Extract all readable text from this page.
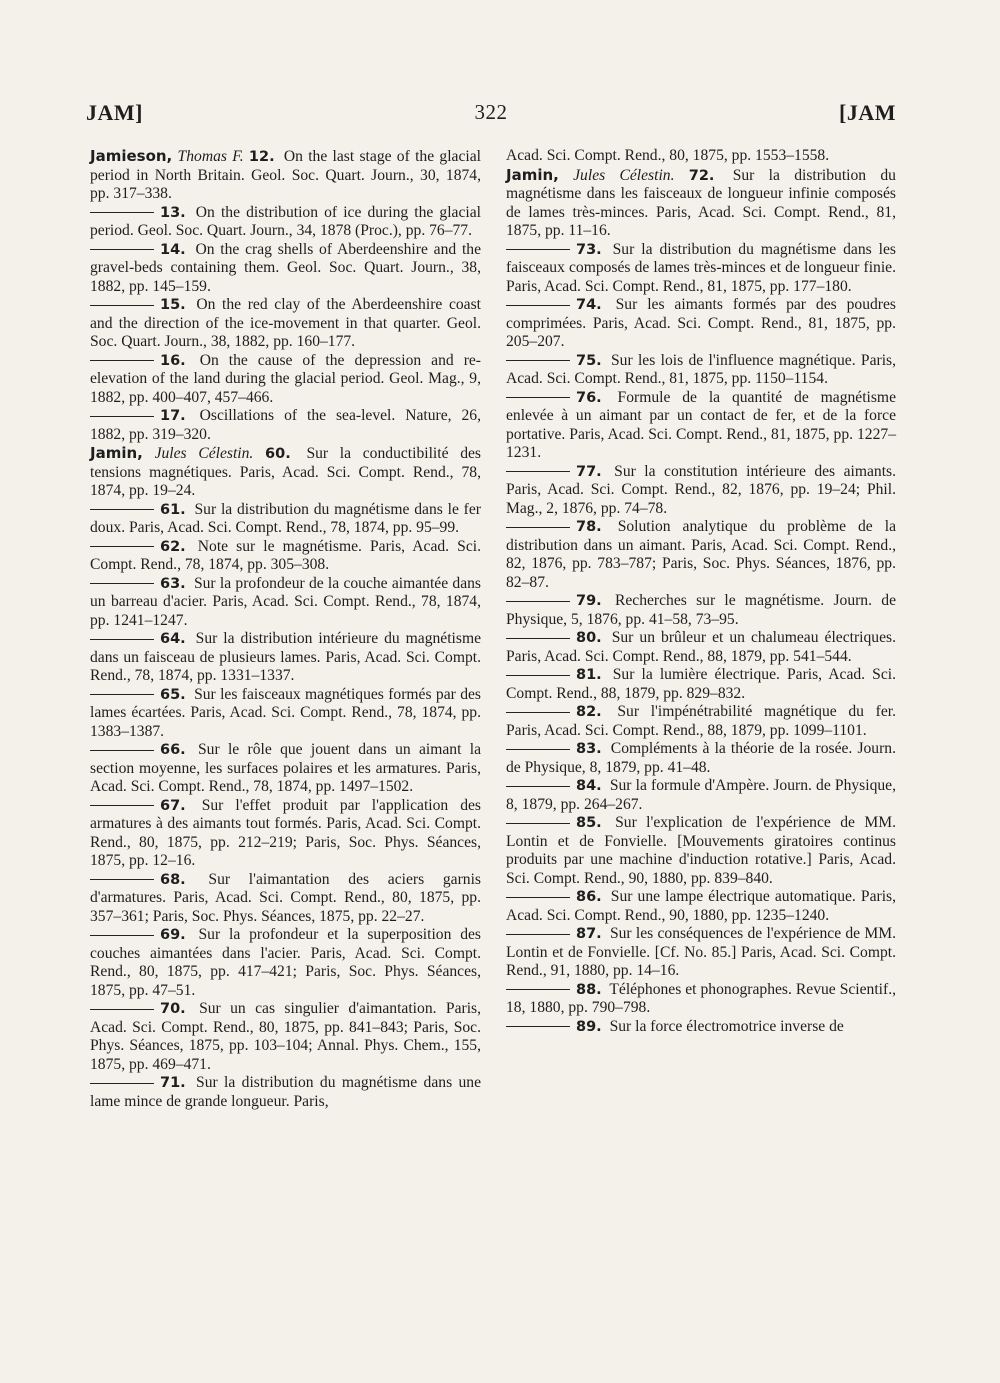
JAM]	322	[JAM

Jamieson, Thomas F. 12. On the last stage of the glacial period in North Britain. Geol. Soc. Quart. Journ., 30, 1874, pp. 317–338.

13. On the distribution of ice during the glacial period. Geol. Soc. Quart. Journ., 34, 1878 (Proc.), pp. 76–77.

14. On the crag shells of Aberdeenshire and the gravel-beds containing them. Geol. Soc. Quart. Journ., 38, 1882, pp. 145–159.

15. On the red clay of the Aberdeenshire coast and the direction of the ice-movement in that quarter. Geol. Soc. Quart. Journ., 38, 1882, pp. 160–177.

16. On the cause of the depression and re-elevation of the land during the glacial period. Geol. Mag., 9, 1882, pp. 400–407, 457–466.

17. Oscillations of the sea-level. Nature, 26, 1882, pp. 319–320.

Jamin, Jules Célestin. 60. Sur la conductibilité des tensions magnétiques. Paris, Acad. Sci. Compt. Rend., 78, 1874, pp. 19–24.

61. Sur la distribution du magnétisme dans le fer doux. Paris, Acad. Sci. Compt. Rend., 78, 1874, pp. 95–99.

62. Note sur le magnétisme. Paris, Acad. Sci. Compt. Rend., 78, 1874, pp. 305–308.

63. Sur la profondeur de la couche aimantée dans un barreau d'acier. Paris, Acad. Sci. Compt. Rend., 78, 1874, pp. 1241–1247.

64. Sur la distribution intérieure du magnétisme dans un faisceau de plusieurs lames. Paris, Acad. Sci. Compt. Rend., 78, 1874, pp. 1331–1337.

65. Sur les faisceaux magnétiques formés par des lames écartées. Paris, Acad. Sci. Compt. Rend., 78, 1874, pp. 1383–1387.

66. Sur le rôle que jouent dans un aimant la section moyenne, les surfaces polaires et les armatures. Paris, Acad. Sci. Compt. Rend., 78, 1874, pp. 1497–1502.

67. Sur l'effet produit par l'application des armatures à des aimants tout formés. Paris, Acad. Sci. Compt. Rend., 80, 1875, pp. 212–219; Paris, Soc. Phys. Séances, 1875, pp. 12–16.

68. Sur l'aimantation des aciers garnis d'armatures. Paris, Acad. Sci. Compt. Rend., 80, 1875, pp. 357–361; Paris, Soc. Phys. Séances, 1875, pp. 22–27.

69. Sur la profondeur et la superposition des couches aimantées dans l'acier. Paris, Acad. Sci. Compt. Rend., 80, 1875, pp. 417–421; Paris, Soc. Phys. Séances, 1875, pp. 47–51.

70. Sur un cas singulier d'aimantation. Paris, Acad. Sci. Compt. Rend., 80, 1875, pp. 841–843; Paris, Soc. Phys. Séances, 1875, pp. 103–104; Annal. Phys. Chem., 155, 1875, pp. 469–471.

71. Sur la distribution du magnétisme dans une lame mince de grande longueur. Paris,

Acad. Sci. Compt. Rend., 80, 1875, pp. 1553–1558.

Jamin, Jules Célestin. 72. Sur la distribution du magnétisme dans les faisceaux de longueur infinie composés de lames très-minces. Paris, Acad. Sci. Compt. Rend., 81, 1875, pp. 11–16.

73. Sur la distribution du magnétisme dans les faisceaux composés de lames très-minces et de longueur finie. Paris, Acad. Sci. Compt. Rend., 81, 1875, pp. 177–180.

74. Sur les aimants formés par des poudres comprimées. Paris, Acad. Sci. Compt. Rend., 81, 1875, pp. 205–207.

75. Sur les lois de l'influence magnétique. Paris, Acad. Sci. Compt. Rend., 81, 1875, pp. 1150–1154.

76. Formule de la quantité de magnétisme enlevée à un aimant par un contact de fer, et de la force portative. Paris, Acad. Sci. Compt. Rend., 81, 1875, pp. 1227–1231.

77. Sur la constitution intérieure des aimants. Paris, Acad. Sci. Compt. Rend., 82, 1876, pp. 19–24; Phil. Mag., 2, 1876, pp. 74–78.

78. Solution analytique du problème de la distribution dans un aimant. Paris, Acad. Sci. Compt. Rend., 82, 1876, pp. 783–787; Paris, Soc. Phys. Séances, 1876, pp. 82–87.

79. Recherches sur le magnétisme. Journ. de Physique, 5, 1876, pp. 41–58, 73–95.

80. Sur un brûleur et un chalumeau électriques. Paris, Acad. Sci. Compt. Rend., 88, 1879, pp. 541–544.

81. Sur la lumière électrique. Paris, Acad. Sci. Compt. Rend., 88, 1879, pp. 829–832.

82. Sur l'impénétrabilité magnétique du fer. Paris, Acad. Sci. Compt. Rend., 88, 1879, pp. 1099–1101.

83. Compléments à la théorie de la rosée. Journ. de Physique, 8, 1879, pp. 41–48.

84. Sur la formule d'Ampère. Journ. de Physique, 8, 1879, pp. 264–267.

85. Sur l'explication de l'expérience de MM. Lontin et de Fonvielle. [Mouvements giratoires continus produits par une machine d'induction rotative.] Paris, Acad. Sci. Compt. Rend., 90, 1880, pp. 839–840.

86. Sur une lampe électrique automatique. Paris, Acad. Sci. Compt. Rend., 90, 1880, pp. 1235–1240.

87. Sur les conséquences de l'expérience de MM. Lontin et de Fonvielle. [Cf. No. 85.] Paris, Acad. Sci. Compt. Rend., 91, 1880, pp. 14–16.

88. Téléphones et phonographes. Revue Scientif., 18, 1880, pp. 790–798.

89. Sur la force électromotrice inverse de
